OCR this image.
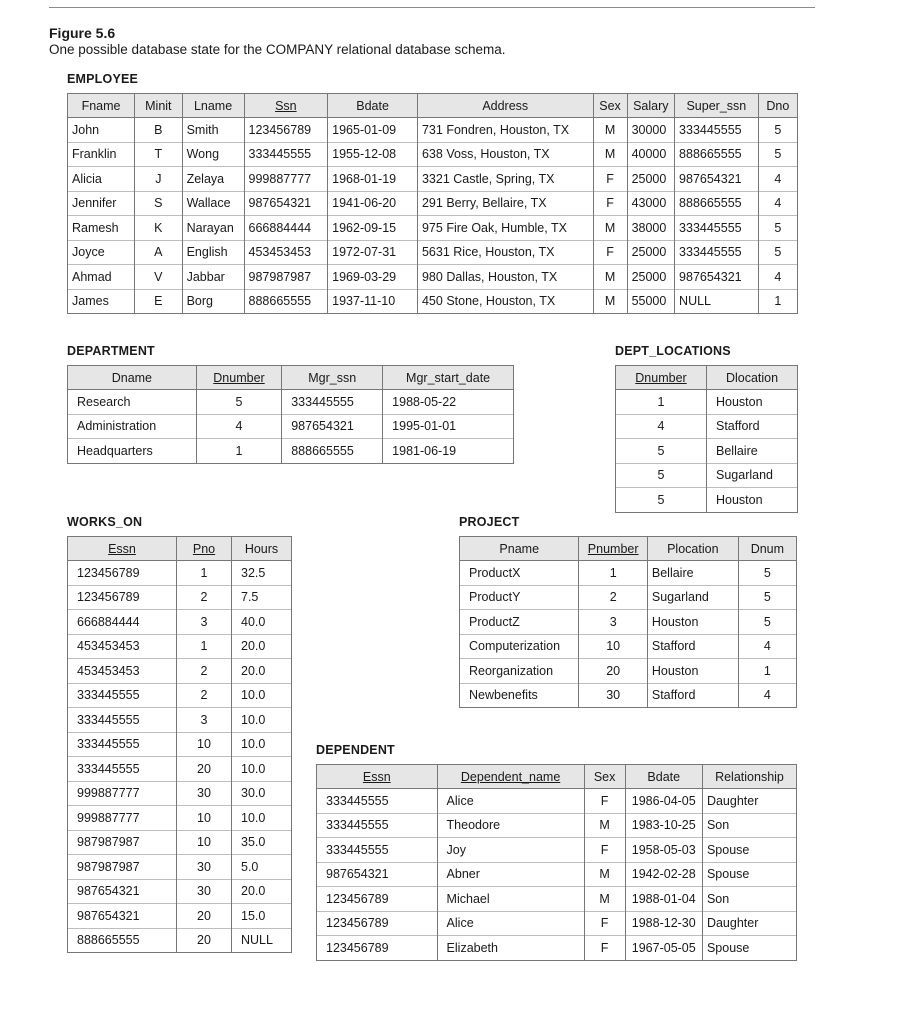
Figure 5.6
One possible database state for the COMPANY relational database schema.
EMPLOYEE
Fname	Minit	Lname	Ssn	Bdate	Address	Sex	Salary	Super_ssn	Dno
John	B	Smith	123456789	1965-01-09	731 Fondren, Houston, TX	M	30000	333445555	5
Franklin	T	Wong	333445555	1955-12-08	638 Voss, Houston, TX	M	40000	888665555	5
Alicia	J	Zelaya	999887777	1968-01-19	3321 Castle, Spring, TX	F	25000	987654321	4
Jennifer	S	Wallace	987654321	1941-06-20	291 Berry, Bellaire, TX	F	43000	888665555	4
Ramesh	K	Narayan	666884444	1962-09-15	975 Fire Oak, Humble, TX	M	38000	333445555	5
Joyce	A	English	453453453	1972-07-31	5631 Rice, Houston, TX	F	25000	333445555	5
Ahmad	V	Jabbar	987987987	1969-03-29	980 Dallas, Houston, TX	M	25000	987654321	4
James	E	Borg	888665555	1937-11-10	450 Stone, Houston, TX	M	55000	NULL	1
DEPARTMENT
Dname	Dnumber	Mgr_ssn	Mgr_start_date
Research	5	333445555	1988-05-22
Administration	4	987654321	1995-01-01
Headquarters	1	888665555	1981-06-19
DEPT_LOCATIONS
Dnumber	Dlocation
1	Houston
4	Stafford
5	Bellaire
5	Sugarland
5	Houston
WORKS_ON
Essn	Pno	Hours
123456789	1	32.5
123456789	2	7.5
666884444	3	40.0
453453453	1	20.0
453453453	2	20.0
333445555	2	10.0
333445555	3	10.0
333445555	10	10.0
333445555	20	10.0
999887777	30	30.0
999887777	10	10.0
987987987	10	35.0
987987987	30	5.0
987654321	30	20.0
987654321	20	15.0
888665555	20	NULL
PROJECT
Pname	Pnumber	Plocation	Dnum
ProductX	1	Bellaire	5
ProductY	2	Sugarland	5
ProductZ	3	Houston	5
Computerization	10	Stafford	4
Reorganization	20	Houston	1
Newbenefits	30	Stafford	4
DEPENDENT
Essn	Dependent_name	Sex	Bdate	Relationship
333445555	Alice	F	1986-04-05	Daughter
333445555	Theodore	M	1983-10-25	Son
333445555	Joy	F	1958-05-03	Spouse
987654321	Abner	M	1942-02-28	Spouse
123456789	Michael	M	1988-01-04	Son
123456789	Alice	F	1988-12-30	Daughter
123456789	Elizabeth	F	1967-05-05	Spouse
